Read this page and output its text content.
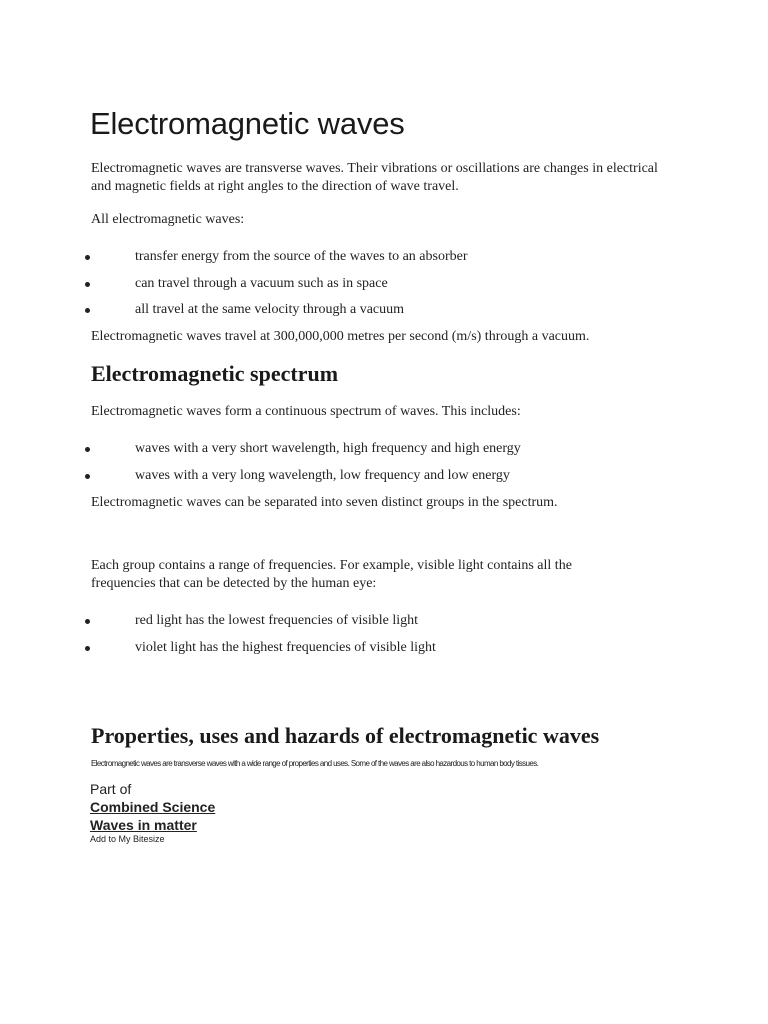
Electromagnetic waves

Electromagnetic waves are transverse waves. Their vibrations or oscillations are changes in electrical and magnetic fields at right angles to the direction of wave travel.

All electromagnetic waves:

transfer energy from the source of the waves to an absorber
can travel through a vacuum such as in space
all travel at the same velocity through a vacuum

Electromagnetic waves travel at 300,000,000 metres per second (m/s) through a vacuum.

Electromagnetic spectrum

Electromagnetic waves form a continuous spectrum of waves. This includes:

waves with a very short wavelength, high frequency and high energy
waves with a very long wavelength, low frequency and low energy

Electromagnetic waves can be separated into seven distinct groups in the spectrum.

Each group contains a range of frequencies. For example, visible light contains all the frequencies that can be detected by the human eye:

red light has the lowest frequencies of visible light
violet light has the highest frequencies of visible light
Properties, uses and hazards of electromagnetic waves
Electromagnetic waves are transverse waves with a wide range of properties and uses. Some of the waves are also hazardous to human body tissues.
Part of
Combined Science
Waves in matter
Add to My Bitesize
